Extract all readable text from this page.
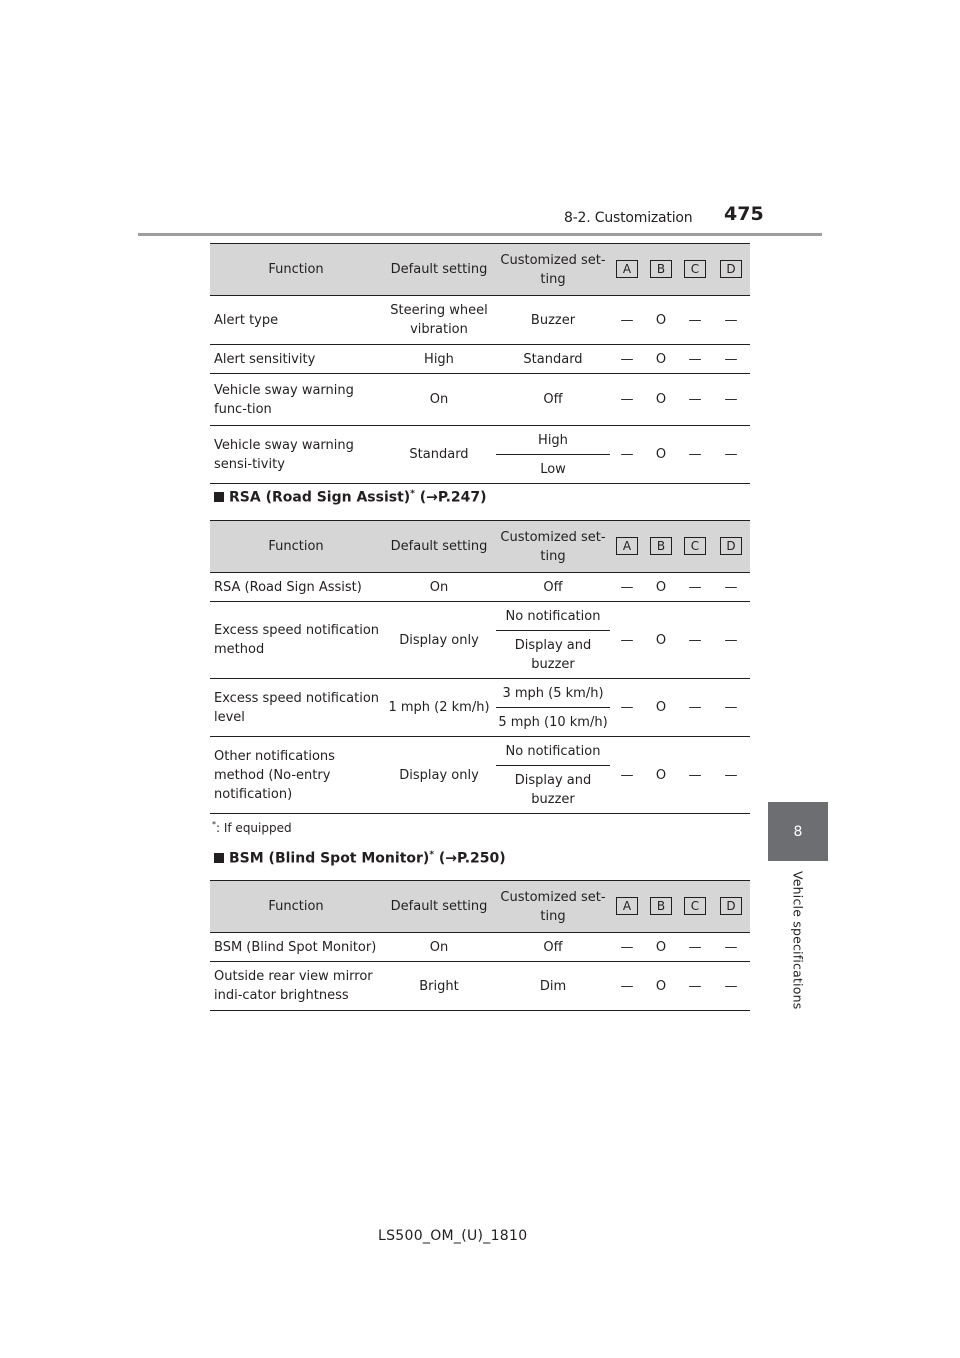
8-2. Customization 475
8
Vehicle specifications
Function	Default setting	Customized set-ting	A	B	C	D
Alert type	Steering wheel vibration	Buzzer	—	O	—	—
Alert sensitivity	High	Standard	—	O	—	—
Vehicle sway warning func-tion	On	Off	—	O	—	—
Vehicle sway warning sensi-tivity	Standard	High	—	O	—	—
		Low				
RSA (Road Sign Assist)* (→P.247)
Function	Default setting	Customized set-ting	A	B	C	D
RSA (Road Sign Assist)	On	Off	—	O	—	—
Excess speed notification method	Display only	No notification	—	O	—	—
		Display and buzzer				
Excess speed notification level	1 mph (2 km/h)	3 mph (5 km/h)	—	O	—	—
		5 mph (10 km/h)				
Other notifications method (No-entry notification)	Display only	No notification	—	O	—	—
		Display and buzzer				
*: If equipped
BSM (Blind Spot Monitor)* (→P.250)
Function	Default setting	Customized set-ting	A	B	C	D
BSM (Blind Spot Monitor)	On	Off	—	O	—	—
Outside rear view mirror indi-cator brightness	Bright	Dim	—	O	—	—
LS500_OM_(U)_1810
